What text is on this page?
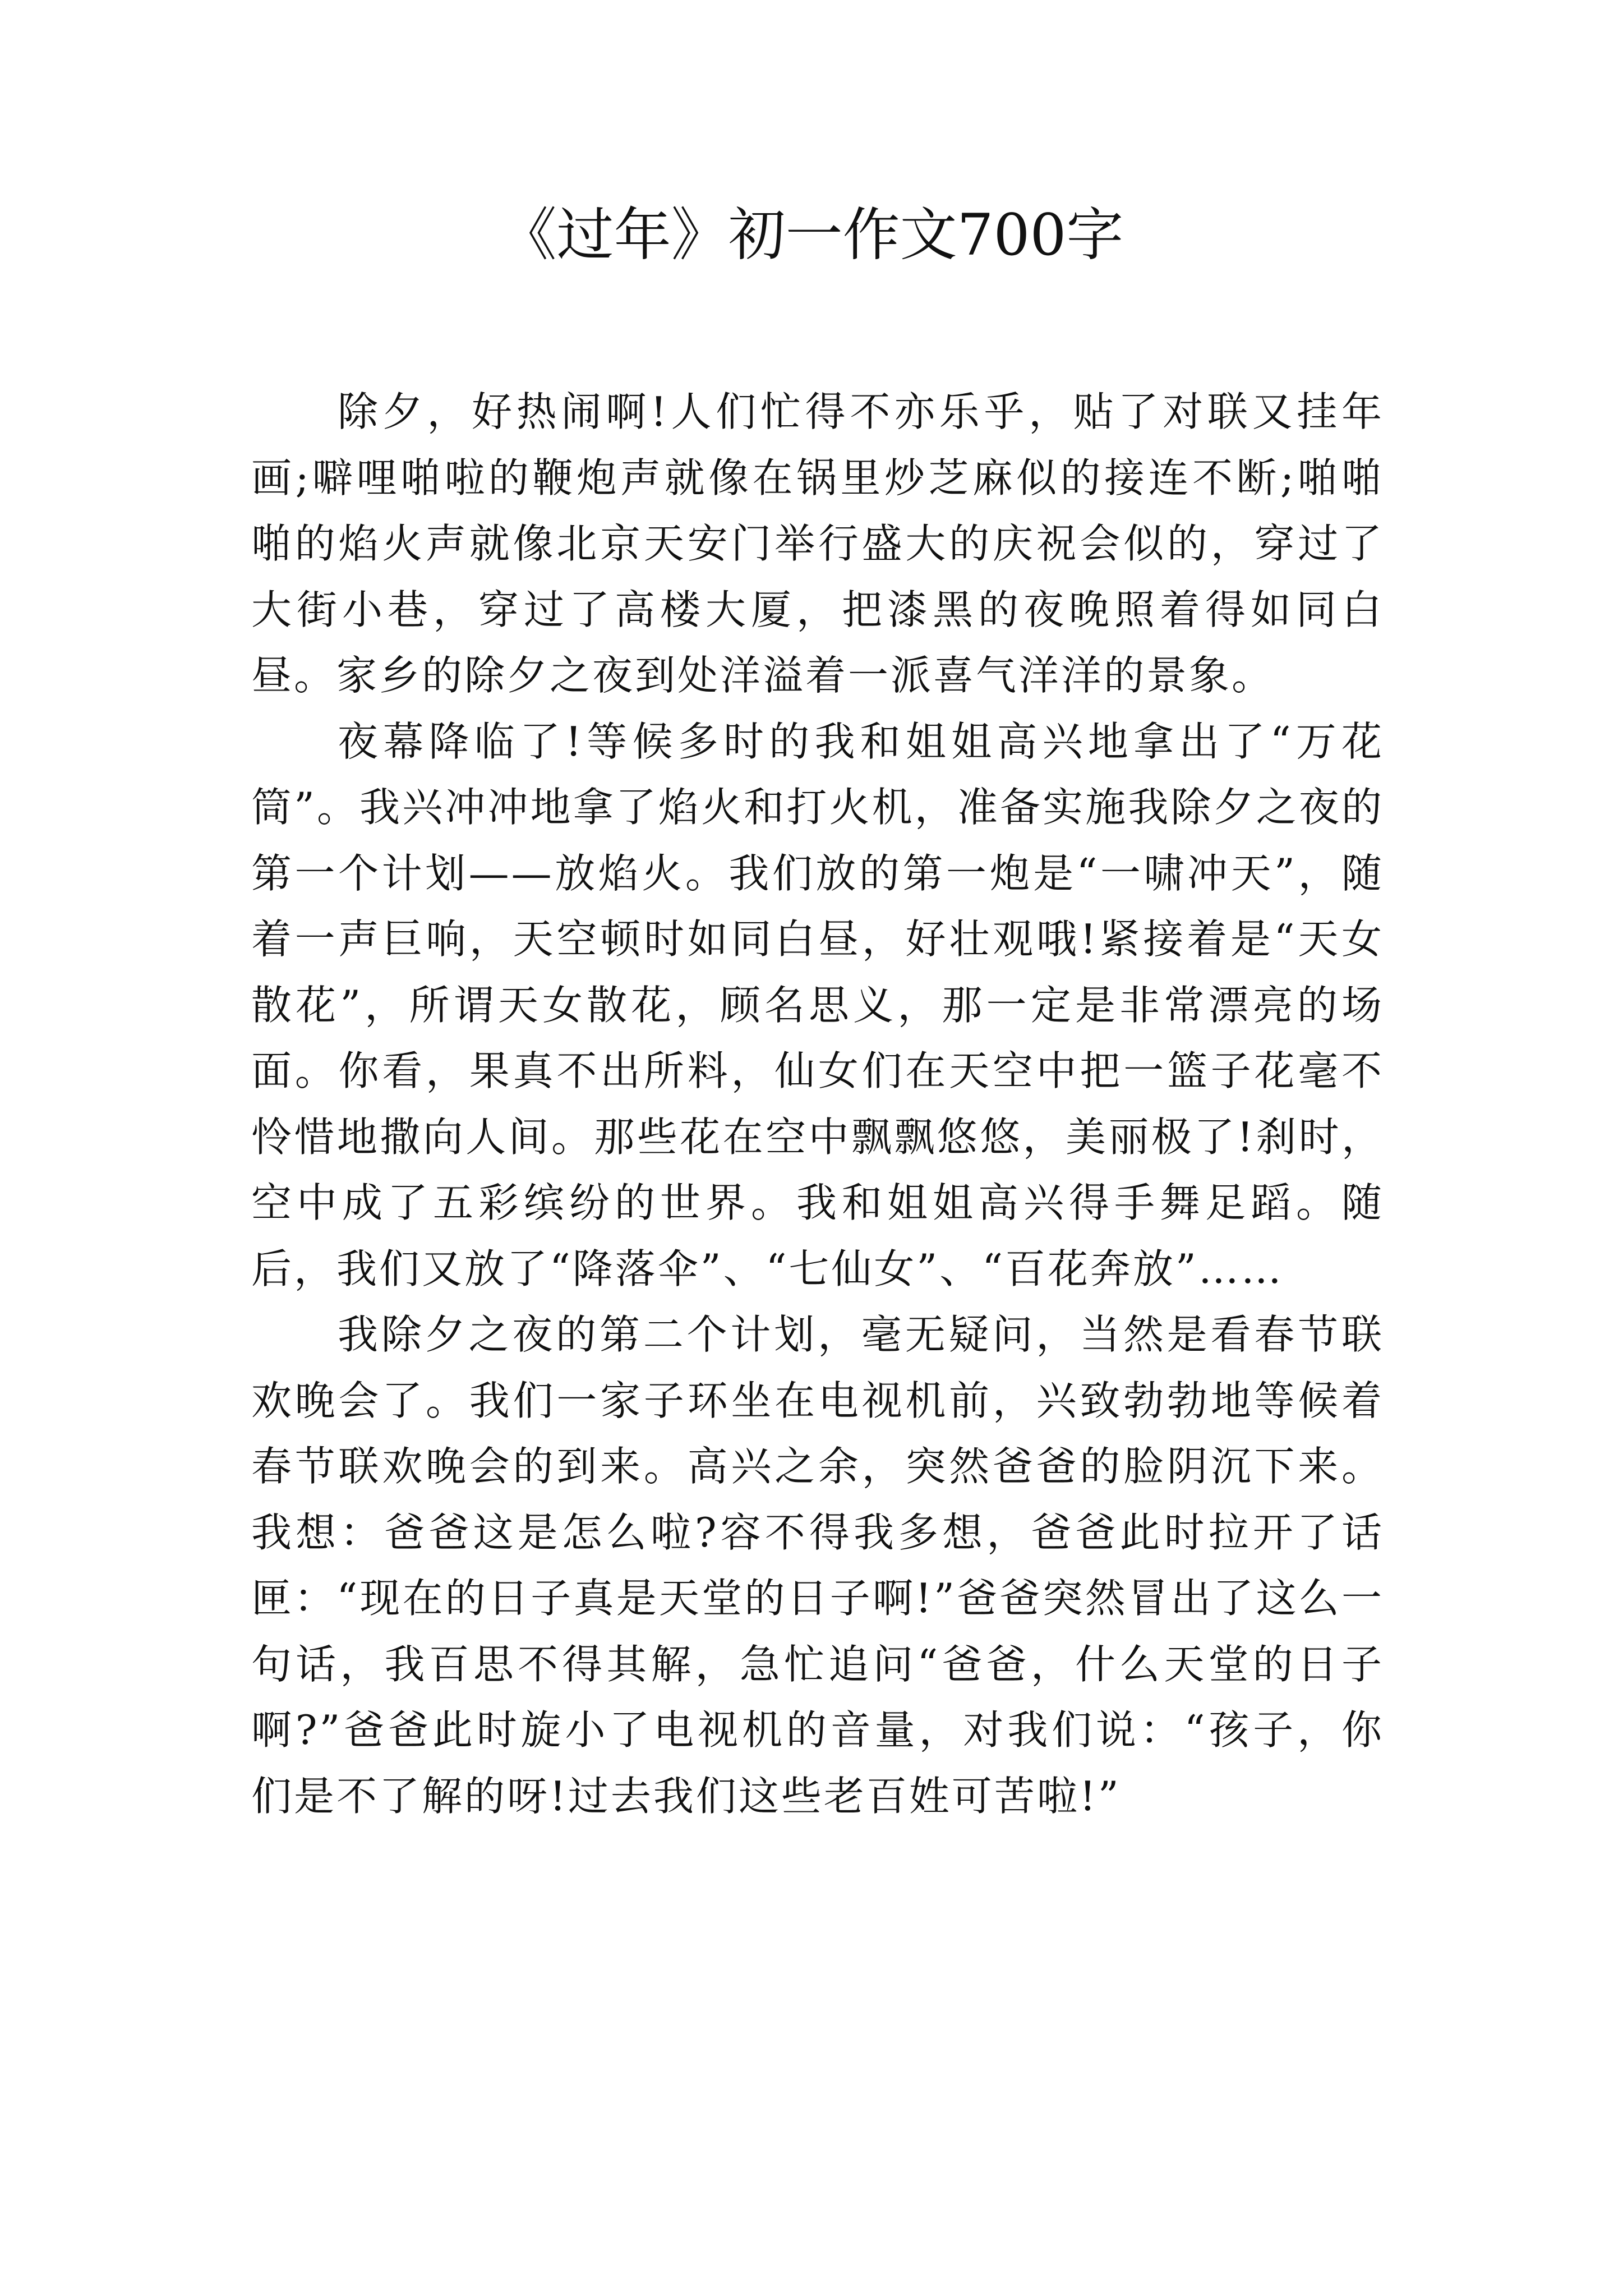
《过年》初一作文700字

除夕，好热闹啊!人们忙得不亦乐乎，贴了对联又挂年画;噼哩啪啦的鞭炮声就像在锅里炒芝麻似的接连不断;啪啪啪的焰火声就像北京天安门举行盛大的庆祝会似的，穿过了大街小巷，穿过了高楼大厦，把漆黑的夜晚照着得如同白昼。家乡的除夕之夜到处洋溢着一派喜气洋洋的景象。

夜幕降临了!等候多时的我和姐姐高兴地拿出了“万花筒”。我兴冲冲地拿了焰火和打火机，准备实施我除夕之夜的第一个计划——放焰火。我们放的第一炮是“一啸冲天”，随着一声巨响，天空顿时如同白昼，好壮观哦!紧接着是“天女散花”，所谓天女散花，顾名思义，那一定是非常漂亮的场面。你看，果真不出所料，仙女们在天空中把一篮子花毫不怜惜地撒向人间。那些花在空中飘飘悠悠，美丽极了!刹时，空中成了五彩缤纷的世界。我和姐姐高兴得手舞足蹈。随后，我们又放了“降落伞”、“七仙女”、“百花奔放”……

我除夕之夜的第二个计划，毫无疑问，当然是看春节联欢晚会了。我们一家子环坐在电视机前，兴致勃勃地等候着春节联欢晚会的到来。高兴之余，突然爸爸的脸阴沉下来。我想：爸爸这是怎么啦?容不得我多想，爸爸此时拉开了话匣：“现在的日子真是天堂的日子啊!”爸爸突然冒出了这么一句话，我百思不得其解，急忙追问“爸爸，什么天堂的日子啊?”爸爸此时旋小了电视机的音量，对我们说：“孩子，你们是不了解的呀!过去我们这些老百姓可苦啦!”
